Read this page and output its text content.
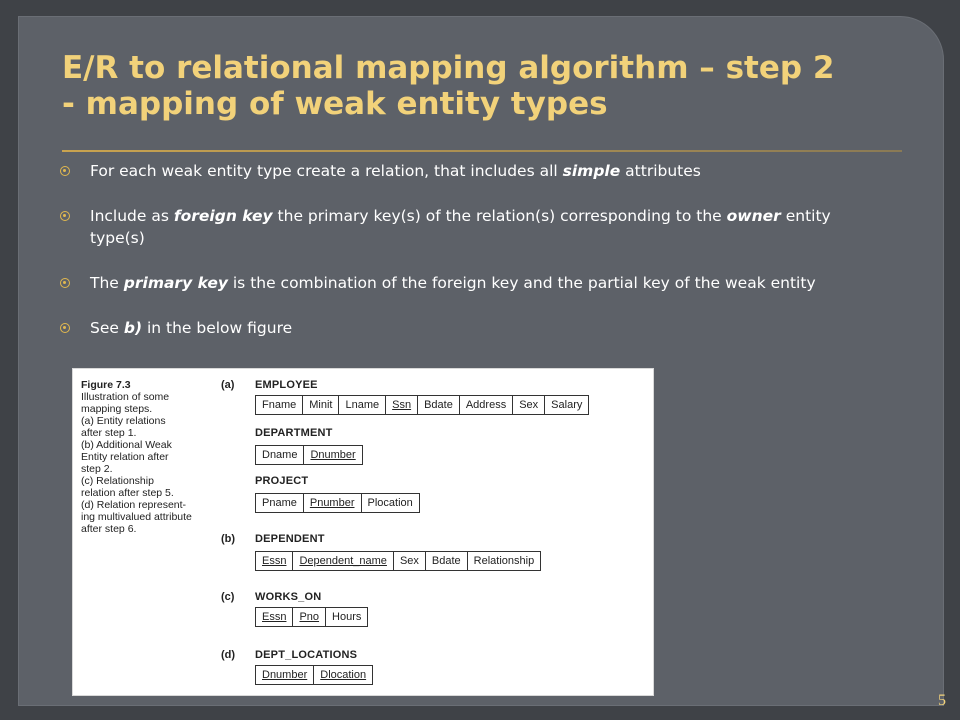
E/R to relational mapping algorithm – step 2
- mapping of weak entity types
For each weak entity type create a relation, that includes all simple attributes
Include as foreign key the primary key(s) of the relation(s) corresponding to the owner entity type(s)
The primary key is the combination of the foreign key and the partial key of the weak entity
See b) in the below figure
Figure 7.3
Illustration of some
mapping steps.
(a) Entity relations
after step 1.
(b) Additional Weak
Entity relation after
step 2.
(c) Relationship
relation after step 5.
(d) Relation represent-
ing multivalued attribute
after step 6.
(a)
(b)
(c)
(d)
EMPLOYEE
Fname	Minit	Lname	Ssn	Bdate	Address	Sex	Salary
DEPARTMENT
Dname	Dnumber
PROJECT
Pname	Pnumber	Plocation
DEPENDENT
Essn	Dependent_name	Sex	Bdate	Relationship
WORKS_ON
Essn	Pno	Hours
DEPT_LOCATIONS
Dnumber	Dlocation
5
